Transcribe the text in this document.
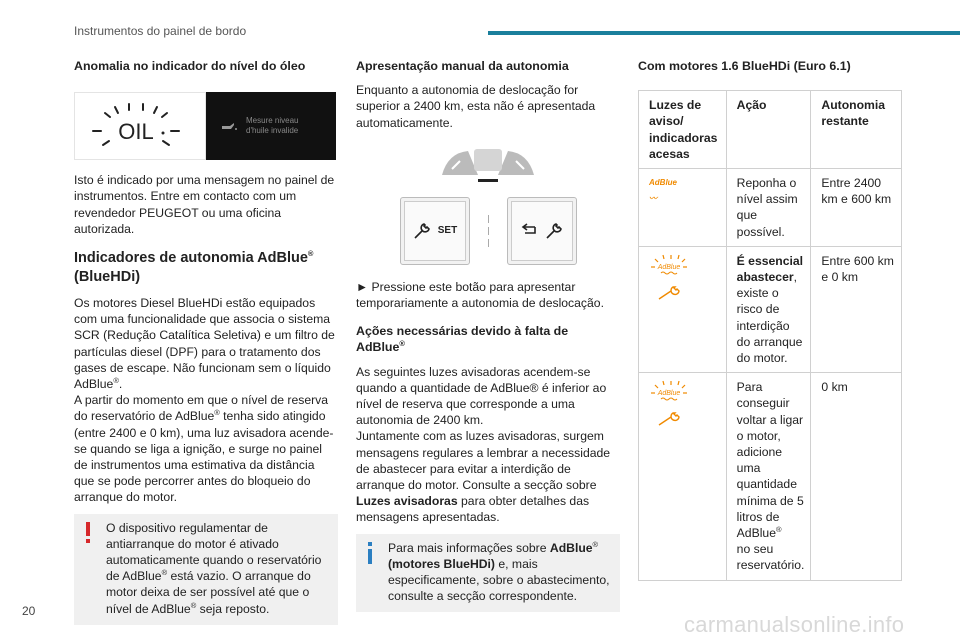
Instrumentos do painel de bordo
Anomalia no indicador do nível do óleo
OIL	Mesure niveau
d'huile invalide

Isto é indicado por uma mensagem no painel de instrumentos. Entre em contacto com um revendedor PEUGEOT ou uma oficina autorizada.

Indicadores de autonomia AdBlue®
(BlueHDi)

Os motores Diesel BlueHDi estão equipados com uma funcionalidade que associa o sistema SCR (Redução Catalítica Seletiva) e um filtro de partículas diesel (DPF) para o tratamento dos gases de escape. Não funcionam sem o líquido AdBlue®.
A partir do momento em que o nível de reserva do reservatório de AdBlue® tenha sido atingido (entre 2400 e 0 km), uma luz avisadora acende-se quando se liga a ignição, e surge no painel de instrumentos uma estimativa da distância que se pode percorrer antes do bloqueio do arranque do motor.

O dispositivo regulamentar de antiarranque do motor é ativado automaticamente quando o reservatório de AdBlue® está vazio. O arranque do motor deixa de ser possível até que o nível de AdBlue® seja reposto.
Apresentação manual da autonomia

Enquanto a autonomia de deslocação for superior a 2400 km, esta não é apresentada automaticamente.

SET

► Pressione este botão para apresentar temporariamente a autonomia de deslocação.

Ações necessárias devido à falta de
AdBlue®

As seguintes luzes avisadoras acendem-se quando a quantidade de AdBlue® é inferior ao nível de reserva que corresponde a uma autonomia de 2400 km.
Juntamente com as luzes avisadoras, surgem mensagens regulares a lembrar a necessidade de abastecer para evitar a interdição de arranque do motor. Consulte a secção sobre Luzes avisadoras para obter detalhes das mensagens apresentadas.

Para mais informações sobre AdBlue®
(motores BlueHDi) e, mais especificamente, sobre o abastecimento, consulte a secção correspondente.
Com motores 1.6 BlueHDi (Euro 6.1)
Luzes de aviso/ indicadoras acesas	Ação	Autonomia restante

AdBlue
〰	Reponha o nível assim que possível.	Entre 2400 km e 600 km

AdBlue	É essencial abastecer, existe o risco de interdição do arranque do motor.	Entre 600 km e 0 km

AdBlue	Para conseguir voltar a ligar o motor, adicione uma quantidade mínima de 5 litros de AdBlue®
no seu reservatório.	0 km
20
carmanualsonline.info
